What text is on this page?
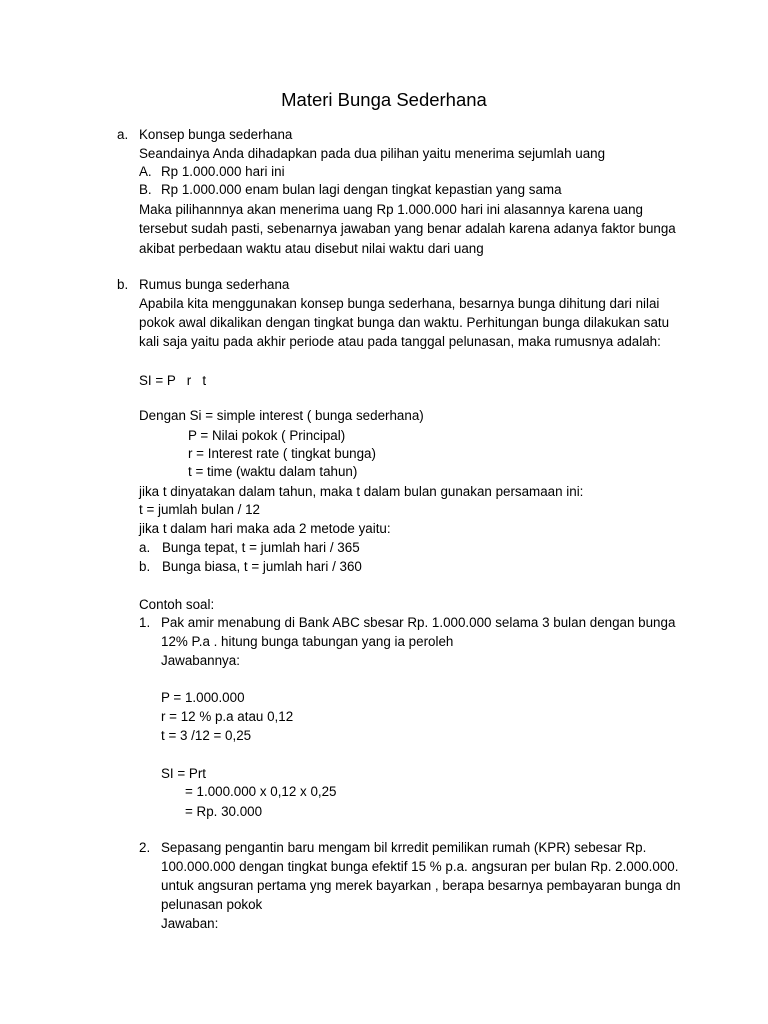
Materi Bunga Sederhana
a. Konsep bunga sederhana
Seandainya Anda dihadapkan pada dua pilihan yaitu menerima sejumlah uang
A. Rp 1.000.000 hari ini
B. Rp 1.000.000 enam bulan lagi dengan tingkat kepastian yang sama
Maka pilihannnya akan menerima uang Rp 1.000.000 hari ini alasannya karena uang
tersebut sudah pasti, sebenarnya jawaban yang benar adalah karena adanya faktor bunga
akibat perbedaan waktu atau disebut nilai waktu dari uang
b. Rumus bunga sederhana
Apabila kita menggunakan konsep bunga sederhana, besarnya bunga dihitung dari nilai
pokok awal dikalikan dengan tingkat bunga dan waktu. Perhitungan bunga dilakukan satu
kali saja yaitu pada akhir periode atau pada tanggal pelunasan, maka rumusnya adalah:
SI = P   r   t
Dengan Si = simple interest ( bunga sederhana)
P = Nilai pokok ( Principal)
r = Interest rate ( tingkat bunga)
t = time (waktu dalam tahun)
jika t dinyatakan dalam tahun, maka t dalam bulan gunakan persamaan ini:
t = jumlah bulan / 12
jika t dalam hari maka ada 2 metode yaitu:
a. Bunga tepat, t = jumlah hari / 365
b. Bunga biasa, t = jumlah hari / 360
Contoh soal:
1. Pak amir menabung di Bank ABC sbesar Rp. 1.000.000 selama 3 bulan dengan bunga
12% P.a . hitung bunga tabungan yang ia peroleh
Jawabannya:
P = 1.000.000
r = 12 % p.a atau 0,12
t = 3 /12 = 0,25
SI = Prt
= 1.000.000 x 0,12 x 0,25
= Rp. 30.000
2. Sepasang pengantin baru mengam bil krredit pemilikan rumah (KPR) sebesar Rp.
100.000.000 dengan tingkat bunga efektif 15 % p.a. angsuran per bulan Rp. 2.000.000.
untuk angsuran pertama yng merek bayarkan , berapa besarnya pembayaran bunga dn
pelunasan pokok
Jawaban:
